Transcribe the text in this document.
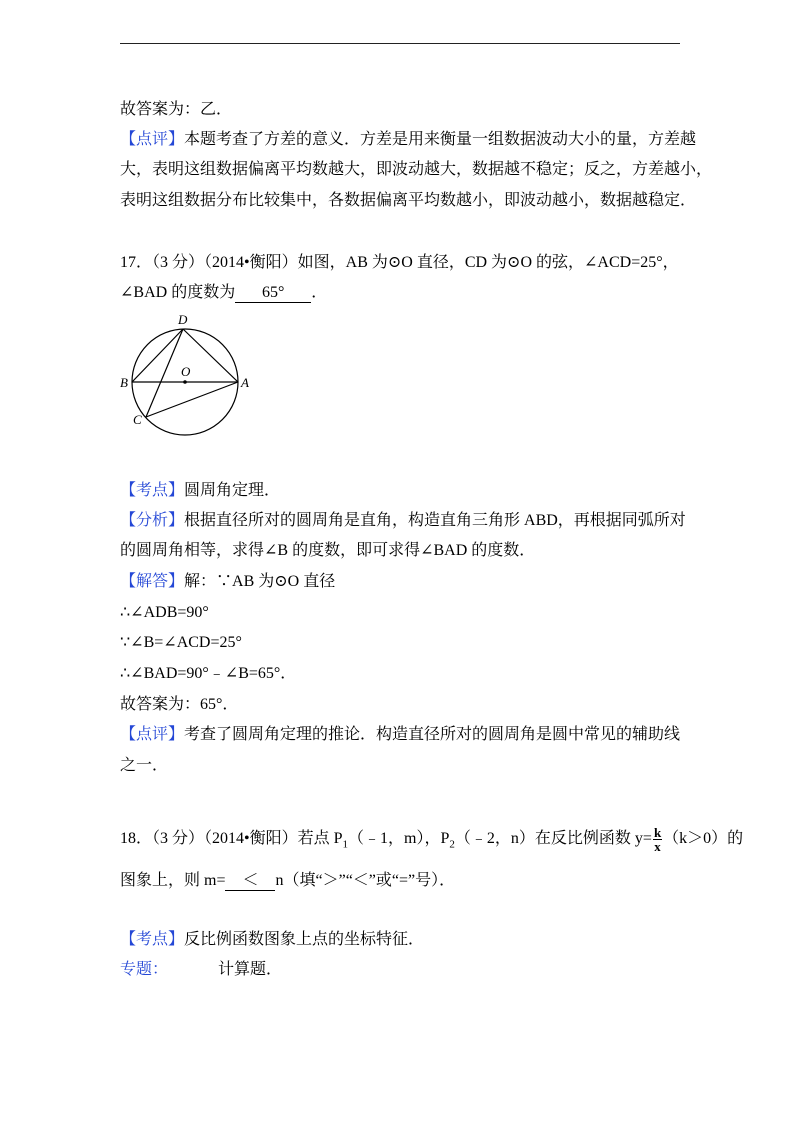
故答案为：乙．
【点评】本题考查了方差的意义．方差是用来衡量一组数据波动大小的量，方差越
大，表明这组数据偏离平均数越大，即波动越大，数据越不稳定；反之，方差越小，
表明这组数据分布比较集中，各数据偏离平均数越小，即波动越小，数据越稳定．
17．（3 分）（2014•衡阳）如图，AB 为⊙O 直径，CD 为⊙O 的弦，∠ACD=25°，
∠BAD 的度数为 65° ．
D
B
O
A
C
【考点】圆周角定理．
【分析】根据直径所对的圆周角是直角，构造直角三角形 ABD，再根据同弧所对
的圆周角相等，求得∠B 的度数，即可求得∠BAD 的度数．
【解答】解：∵AB 为⊙O 直径
∴∠ADB=90°
∵∠B=∠ACD=25°
∴∠BAD=90°﹣∠B=65°．
故答案为：65°．
【点评】考查了圆周角定理的推论．构造直径所对的圆周角是圆中常见的辅助线
之一．
18．（3 分）（2014•衡阳）若点 $P_1(﹣1$，m），$P_2(﹣2$，n）在反比例函数 $y= \frac{k}{x} (k>0)$的
图象上，则 m= ＜ n（填“＞”“＜”或“=”号）．
【考点】反比例函数图象上点的坐标特征．
专题：	计算题．
